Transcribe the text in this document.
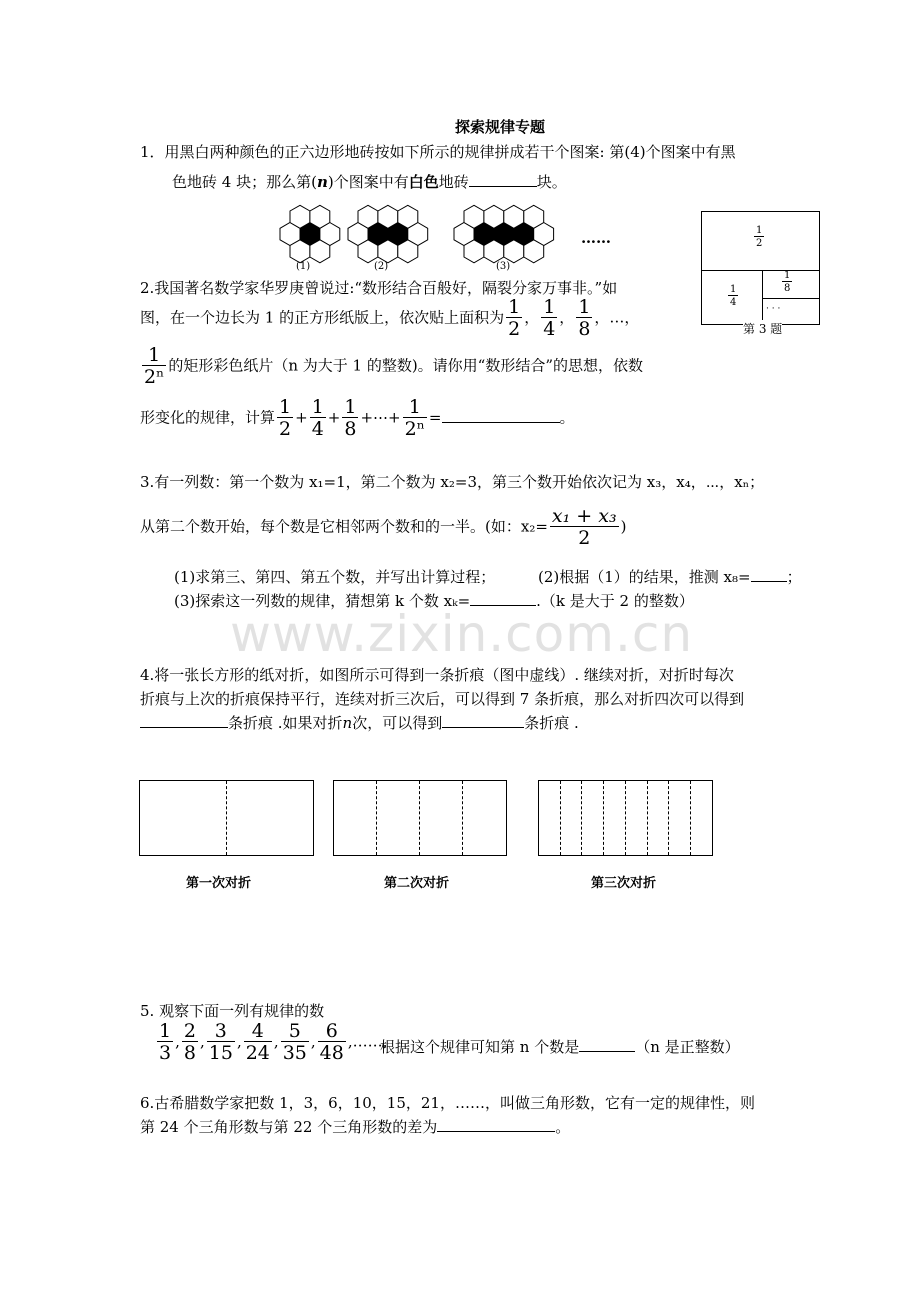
www.zixin.com.cn
探索规律专题
1．用黑白两种颜色的正六边形地砖按如下所示的规律拼成若干个图案: 第(4)个图案中有黑
色地砖 4 块；那么第(n)个图案中有白色地砖	块。
(1)	(2)	(3)
……	$\frac{1}{2}$
$\frac{1}{4}$
$\frac{1}{8}$
· · ·
第 3 题
2.我国著名数学家华罗庚曾说过:“数形结合百般好，隔裂分家万事非。”如
图，在一个边长为 1 的正方形纸版上，依次贴上面积为 $\frac{1}{2}$ ， $\frac{1}{4}$ ， $\frac{1}{8}$ ，…，
$\frac{1}{\text{2ⁿ}}$ 的矩形彩色纸片（n 为大于 1 的整数)。请你用“数形结合”的思想，依数
形变化的规律，计算 $\frac{1}{2} + \frac{1}{4} + \frac{1}{8}$ +⋯+ $\frac{1}{\text{2ⁿ}}$ =	。
3.有一列数：第一个数为 x₁=1，第二个数为 x₂=3，第三个数开始依次记为 x₃，x₄，⋯，xₙ；
从第二个数开始，每个数是它相邻两个数和的一半。(如：$x_2= \frac{\text{x₁ + x₃}}{2}$ )
(1)求第三、第四、第五个数，并写出计算过程；	(2)根据（1）的结果，推测 x₈= ；
(3)探索这一列数的规律，猜想第 k 个数 xₖ=	.（k 是大于 2 的整数）
4.将一张长方形的纸对折，如图所示可得到一条折痕（图中虚线）. 继续对折，对折时每次
折痕与上次的折痕保持平行，连续对折三次后，可以得到 7 条折痕，那么对折四次可以得到
条折痕 .如果对折n次，可以得到	条折痕 .
第一次对折	第二次对折	第三次对折
5. 观察下面一列有规律的数
$\frac{1}{3}$ , $\frac{2}{8}$ , $\frac{3}{15}$ , $\frac{4}{24}$ , $\frac{5}{35}$ , $\frac{6}{48}$ ,……,
根据这个规律可知第 n 个数是	（n 是正整数）
6.古希腊数学家把数 1，3，6，10，15，21，……，叫做三角形数，它有一定的规律性，则
第 24 个三角形数与第 22 个三角形数的差为	。
